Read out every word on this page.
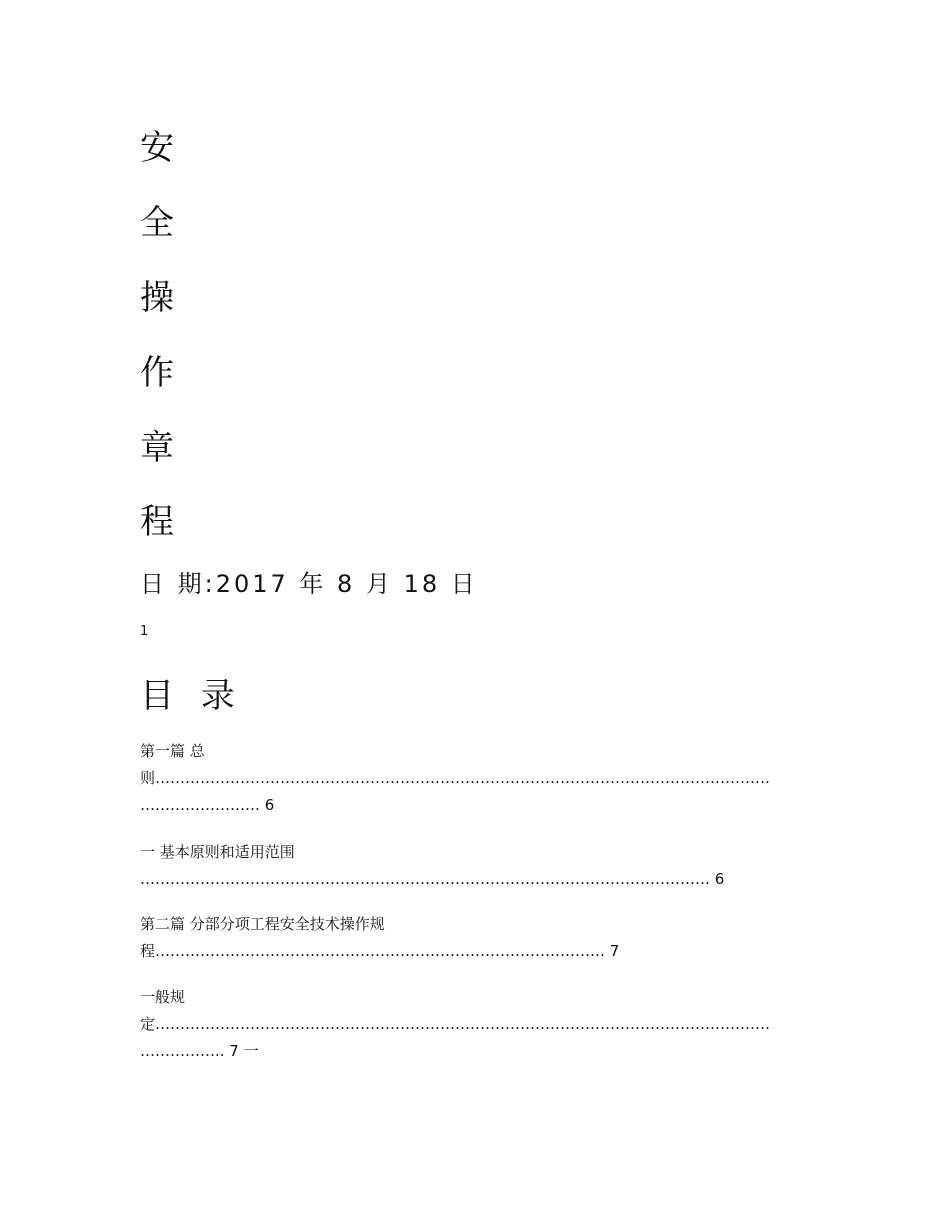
安
全
操
作
章
程
日 期:2017 年 8 月 18 日
1
目 录
第一篇 总
则……………………………………………………………………………………………………………
…………………… 6
一 基本原则和适用范围
…………………………………………………………………………………………………… 6
第二篇 分部分项工程安全技术操作规
程……………………………………………………………………………… 7
一般规
定……………………………………………………………………………………………………………
…………….. 7 一
